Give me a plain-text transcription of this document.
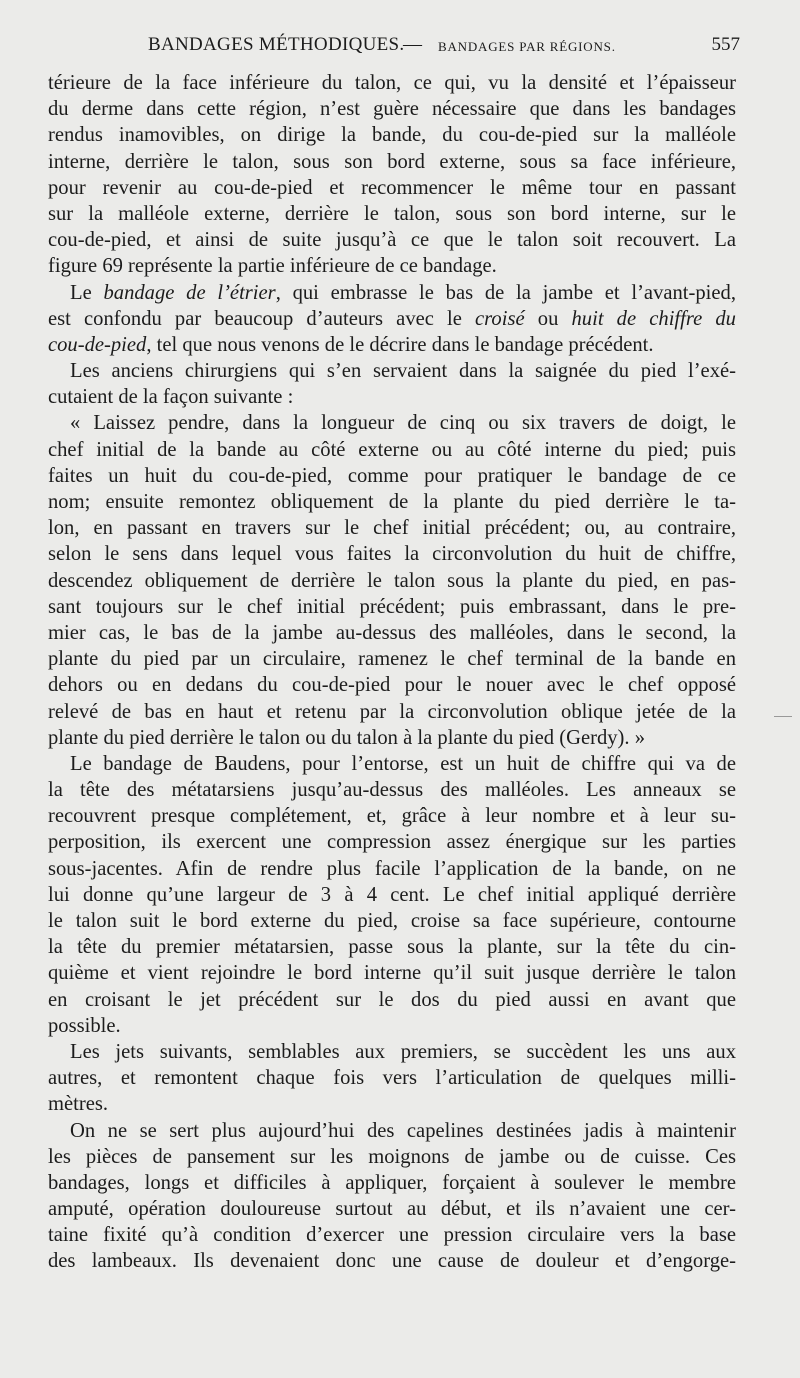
BANDAGES MÉTHODIQUES.
— BANDAGES PAR RÉGIONS.	557
térieure de la face inférieure du talon, ce qui, vu la densité et l’épaisseur
du derme dans cette région, n’est guère nécessaire que dans les bandages
rendus inamovibles, on dirige la bande, du cou-de-pied sur la malléole
interne, derrière le talon, sous son bord externe, sous sa face inférieure,
pour revenir au cou-de-pied et recommencer le même tour en passant
sur la malléole externe, derrière le talon, sous son bord interne, sur le
cou-de-pied, et ainsi de suite jusqu’à ce que le talon soit recouvert. La
figure 69 représente la partie inférieure de ce bandage.
Le bandage de l’étrier, qui embrasse le bas de la jambe et l’avant-pied,
est confondu par beaucoup d’auteurs avec le croisé ou huit de chiffre du
cou-de-pied, tel que nous venons de le décrire dans le bandage précédent.
Les anciens chirurgiens qui s’en servaient dans la saignée du pied l’exé-
cutaient de la façon suivante :
« Laissez pendre, dans la longueur de cinq ou six travers de doigt, le
chef initial de la bande au côté externe ou au côté interne du pied; puis
faites un huit du cou-de-pied, comme pour pratiquer le bandage de ce
nom; ensuite remontez obliquement de la plante du pied derrière le ta-
lon, en passant en travers sur le chef initial précédent; ou, au contraire,
selon le sens dans lequel vous faites la circonvolution du huit de chiffre,
descendez obliquement de derrière le talon sous la plante du pied, en pas-
sant toujours sur le chef initial précédent; puis embrassant, dans le pre-
mier cas, le bas de la jambe au-dessus des malléoles, dans le second, la
plante du pied par un circulaire, ramenez le chef terminal de la bande en
dehors ou en dedans du cou-de-pied pour le nouer avec le chef opposé
relevé de bas en haut et retenu par la circonvolution oblique jetée de la
plante du pied derrière le talon ou du talon à la plante du pied (Gerdy). »
Le bandage de Baudens, pour l’entorse, est un huit de chiffre qui va de
la tête des métatarsiens jusqu’au-dessus des malléoles. Les anneaux se
recouvrent presque complétement, et, grâce à leur nombre et à leur su-
perposition, ils exercent une compression assez énergique sur les parties
sous-jacentes. Afin de rendre plus facile l’application de la bande, on ne
lui donne qu’une largeur de 3 à 4 cent. Le chef initial appliqué derrière
le talon suit le bord externe du pied, croise sa face supérieure, contourne
la tête du premier métatarsien, passe sous la plante, sur la tête du cin-
quième et vient rejoindre le bord interne qu’il suit jusque derrière le talon
en croisant le jet précédent sur le dos du pied aussi en avant que
possible.
Les jets suivants, semblables aux premiers, se succèdent les uns aux
autres, et remontent chaque fois vers l’articulation de quelques milli-
mètres.
On ne se sert plus aujourd’hui des capelines destinées jadis à maintenir
les pièces de pansement sur les moignons de jambe ou de cuisse. Ces
bandages, longs et difficiles à appliquer, forçaient à soulever le membre
amputé, opération douloureuse surtout au début, et ils n’avaient une cer-
taine fixité qu’à condition d’exercer une pression circulaire vers la base
des lambeaux. Ils devenaient donc une cause de douleur et d’engorge-
